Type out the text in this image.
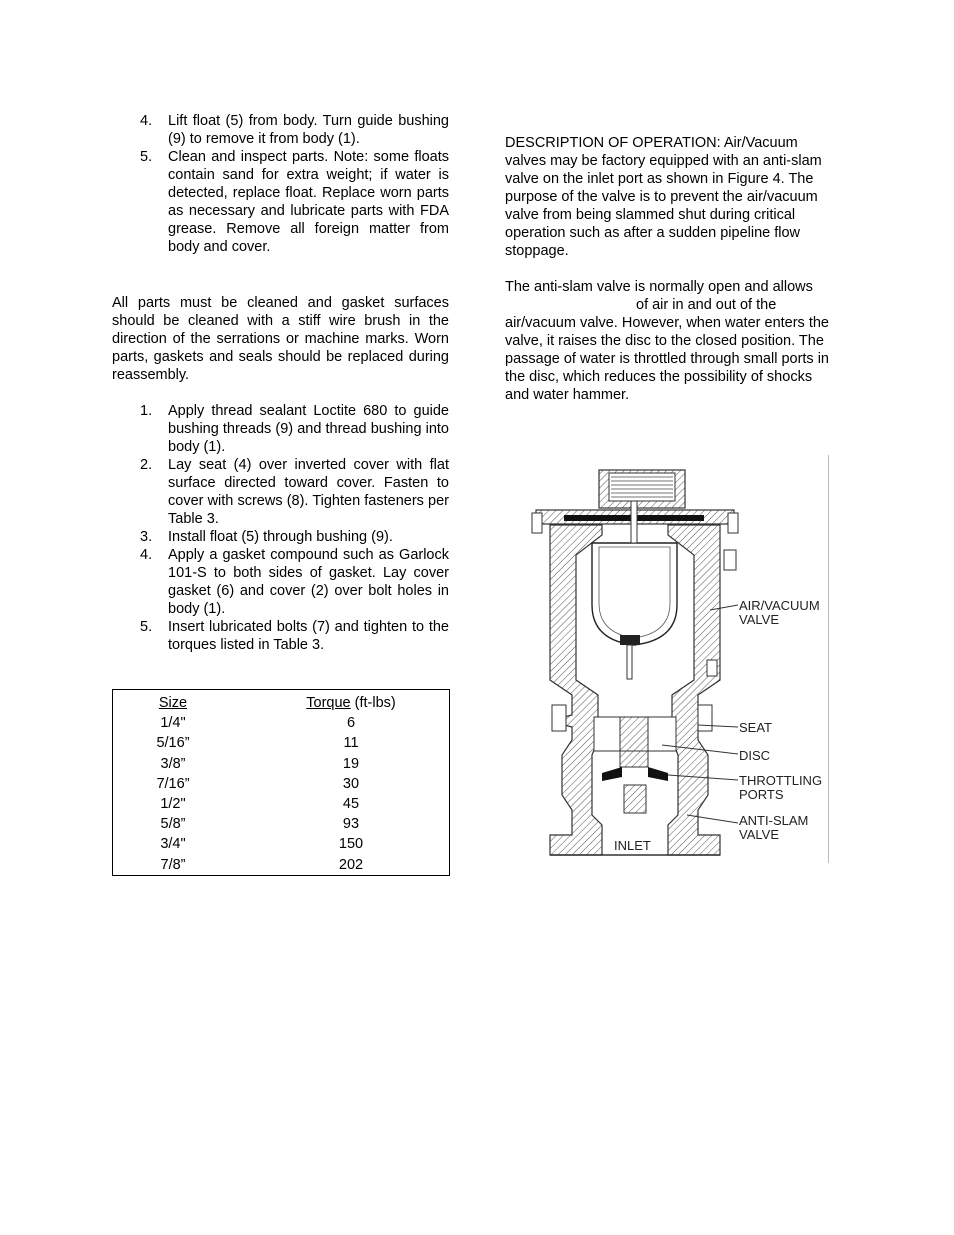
4.	Lift float (5) from body. Turn guide bushing (9) to remove it from body (1).
5.	Clean and inspect parts. Note: some floats contain sand for extra weight; if water is detected, replace float. Replace worn parts as necessary and lubricate parts with FDA grease. Remove all foreign matter from body and cover.

All parts must be cleaned and gasket surfaces should be cleaned with a stiff wire brush in the direction of the serrations or machine marks. Worn parts, gaskets and seals should be replaced during reassembly.

1.	Apply thread sealant Loctite 680 to guide bushing threads (9) and thread bushing into body (1).
2.	Lay seat (4) over inverted cover with flat surface directed toward cover. Fasten to cover with screws (8). Tighten fasteners per Table 3.
3.	Install float (5) through bushing (9).
4.	Apply a gasket compound such as Garlock 101-S to both sides of gasket. Lay cover gasket (6) and cover (2) over bolt holes in body (1).
5.	Insert lubricated bolts (7) and tighten to the torques listed in Table 3.
Size	Torque (ft-lbs)
1/4"	6
5/16”	11
3/8”	19
7/16”	30
1/2"	45
5/8”	93
3/4"	150
7/8”	202

DESCRIPTION OF OPERATION: Air/Vacuum valves may be factory equipped with an anti-slam valve on the inlet port as shown in Figure 4. The purpose of the valve is to prevent the air/vacuum valve from being slammed shut during critical operation such as after a sudden pipeline flow stoppage.

The anti-slam valve is normally open and allows

of air in and out of the

air/vacuum valve. However, when water enters the valve, it raises the disc to the closed position. The passage of water is throttled through small ports in the disc, which reduces the possibility of shocks and water hammer.

AIR/VACUUM
VALVE
SEAT
DISC
THROTTLING
PORTS
ANTI-SLAM
VALVE
INLET
